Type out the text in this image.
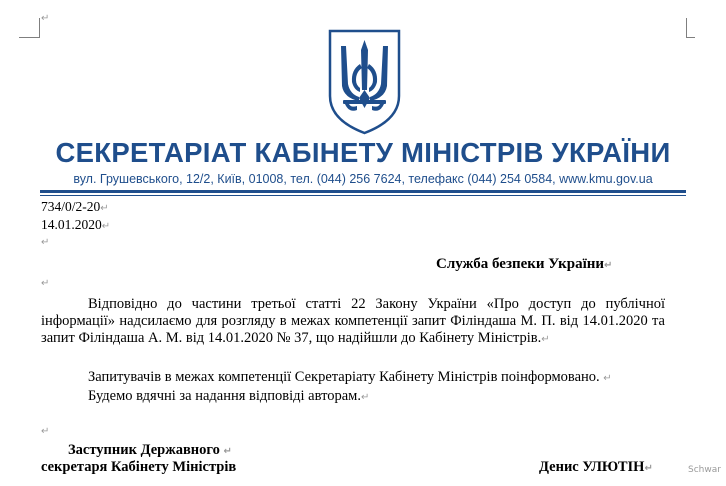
↵
СЕКРЕТАРІАТ КАБІНЕТУ МІНІСТРІВ УКРАЇНИ
вул. Грушевського, 12/2, Київ, 01008, тел. (044) 256 7624, телефакс (044) 254 0584, www.kmu.gov.ua
734/0/2-20↵
14.01.2020↵
↵
Служба безпеки України↵
↵
Відповідно до частини третьої статті 22 Закону України «Про доступ до публічної інформації» надсилаємо для розгляду в межах компетенції запит Філіндаша М. П. від 14.01.2020 та запит Філіндаша А. М. від 14.01.2020 № 37, що надійшли до Кабінету Міністрів.↵
Запитувачів в межах компетенції Секретаріату Кабінету Міністрів поінформовано. ↵
Будемо вдячні за надання відповіді авторам.↵
↵
Заступник Державного ↵
секретаря Кабінету Міністрів	Денис УЛЮТІН↵	Schwar
